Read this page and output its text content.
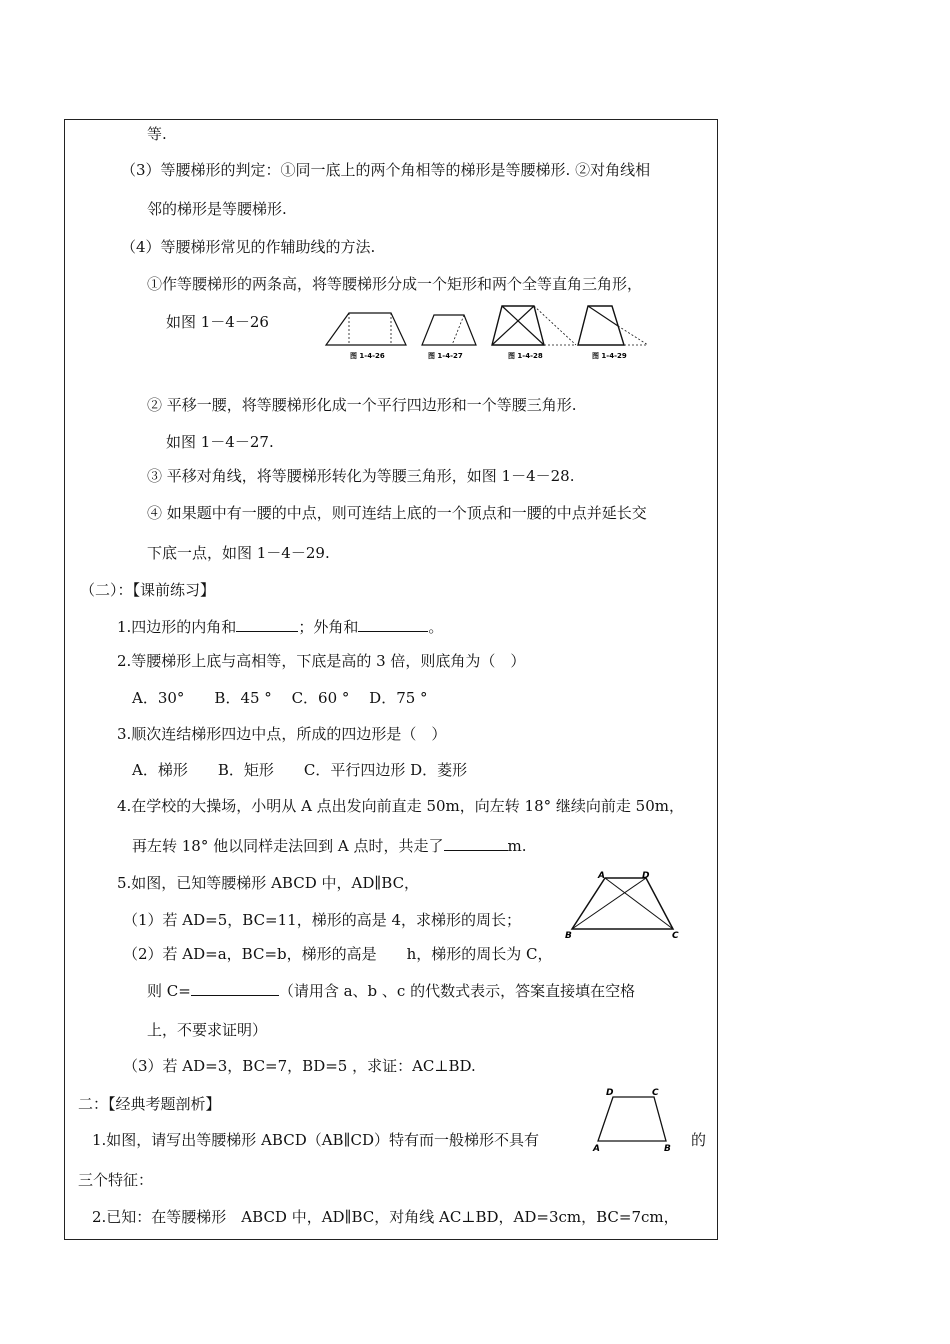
等.
（3）等腰梯形的判定：①同一底上的两个角相等的梯形是等腰梯形. ②对角线相
邻的梯形是等腰梯形.
（4）等腰梯形常见的作辅助线的方法.
①作等腰梯形的两条高，将等腰梯形分成一个矩形和两个全等直角三角形，
如图 1－4－26
图 1-4-26	图 1-4-27	图 1-4-28	图 1-4-29
② 平移一腰，将等腰梯形化成一个平行四边形和一个等腰三角形.
如图 1－4－27.
③ 平移对角线，将等腰梯形转化为等腰三角形，如图 1－4－28.
④ 如果题中有一腰的中点，则可连结上底的一个顶点和一腰的中点并延长交
下底一点，如图 1－4－29.
（二）：【课前练习】
1.四边形的内角和	；外角和	。
2.等腰梯形上底与高相等，下底是高的 3 倍，则底角为（　）
A．30°　　B．45 °　 C．60 °　 D．75 °
3.顺次连结梯形四边中点，所成的四边形是（　）
A．梯形　　B．矩形　　C．平行四边形 D．菱形
4.在学校的大操场，小明从 A 点出发向前直走 50m，向左转 18° 继续向前走 50m，
再左转 18° 他以同样走法回到 A 点时，共走了	m.
5.如图，已知等腰梯形 ABCD 中，AD∥BC，	A	D
B	C
（1）若 AD=5，BC=11，梯形的高是 4，求梯形的周长；
（2）若 AD=a，BC=b，梯形的高是　　h，梯形的周长为 C，
则 C=	（请用含 a、b 、c 的代数式表示，答案直接填在空格
上，不要求证明）
（3）若 AD=3，BC=7，BD=5 ，求证：AC⊥BD.
二：【经典考题剖析】
D	C
A	B
1.如图，请写出等腰梯形 ABCD（AB∥CD）特有而一般梯形不具有	的
三个特征：
2.已知：在等腰梯形　ABCD 中，AD∥BC，对角线 AC⊥BD，AD=3cm，BC=7cm，
